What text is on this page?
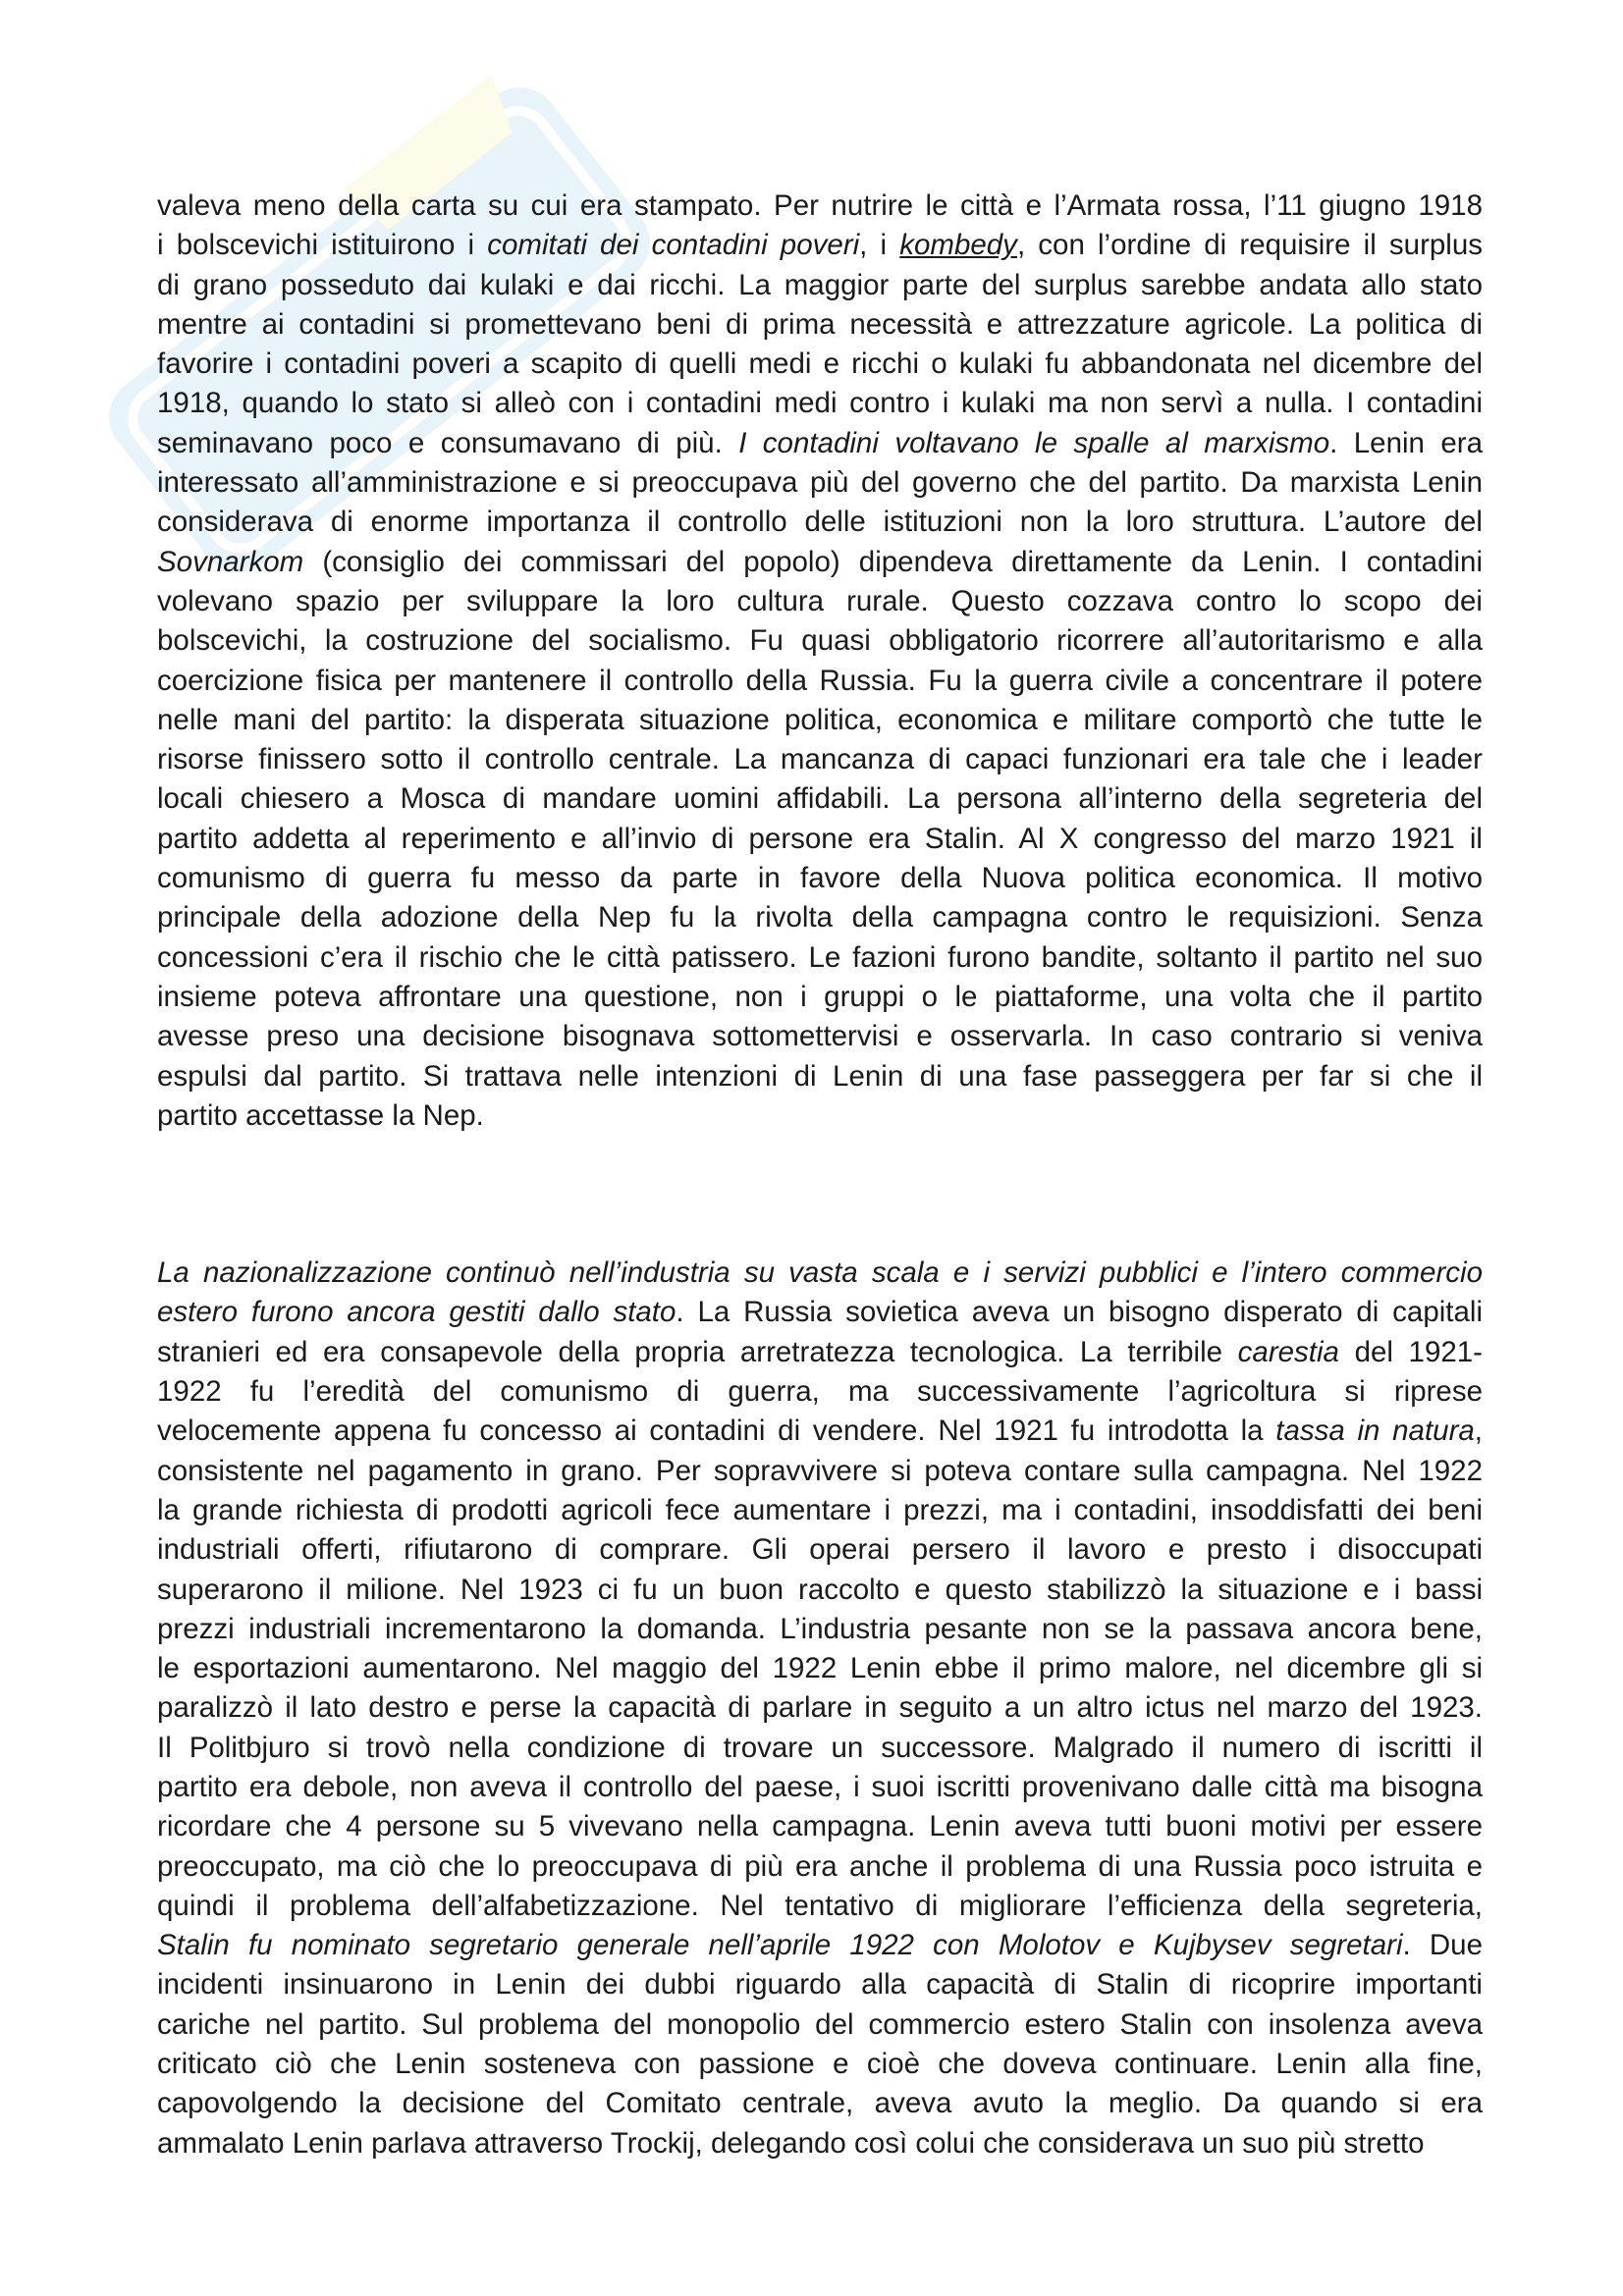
valeva meno della carta su cui era stampato. Per nutrire le città e l’Armata rossa, l’11 giugno 1918
i bolscevichi istituirono i comitati dei contadini poveri, i kombedy, con l’ordine di requisire il surplus
di grano posseduto dai kulaki e dai ricchi. La maggior parte del surplus sarebbe andata allo stato
mentre ai contadini si promettevano beni di prima necessità e attrezzature agricole. La politica di
favorire i contadini poveri a scapito di quelli medi e ricchi o kulaki fu abbandonata nel dicembre del
1918, quando lo stato si alleò con i contadini medi contro i kulaki ma non servì a nulla. I contadini
seminavano poco e consumavano di più. I contadini voltavano le spalle al marxismo. Lenin era
interessato all’amministrazione e si preoccupava più del governo che del partito. Da marxista Lenin
considerava di enorme importanza il controllo delle istituzioni non la loro struttura. L’autore del
Sovnarkom (consiglio dei commissari del popolo) dipendeva direttamente da Lenin. I contadini
volevano spazio per sviluppare la loro cultura rurale. Questo cozzava contro lo scopo dei
bolscevichi, la costruzione del socialismo. Fu quasi obbligatorio ricorrere all’autoritarismo e alla
coercizione fisica per mantenere il controllo della Russia. Fu la guerra civile a concentrare il potere
nelle mani del partito: la disperata situazione politica, economica e militare comportò che tutte le
risorse finissero sotto il controllo centrale. La mancanza di capaci funzionari era tale che i leader
locali chiesero a Mosca di mandare uomini affidabili. La persona all’interno della segreteria del
partito addetta al reperimento e all’invio di persone era Stalin. Al X congresso del marzo 1921 il
comunismo di guerra fu messo da parte in favore della Nuova politica economica. Il motivo
principale della adozione della Nep fu la rivolta della campagna contro le requisizioni. Senza
concessioni c’era il rischio che le città patissero. Le fazioni furono bandite, soltanto il partito nel suo
insieme poteva affrontare una questione, non i gruppi o le piattaforme, una volta che il partito
avesse preso una decisione bisognava sottomettervisi e osservarla. In caso contrario si veniva
espulsi dal partito. Si trattava nelle intenzioni di Lenin di una fase passeggera per far si che il
partito accettasse la Nep.

La nazionalizzazione continuò nell’industria su vasta scala e i servizi pubblici e l’intero commercio
estero furono ancora gestiti dallo stato. La Russia sovietica aveva un bisogno disperato di capitali
stranieri ed era consapevole della propria arretratezza tecnologica. La terribile carestia del 1921-
1922 fu l’eredità del comunismo di guerra, ma successivamente l’agricoltura si riprese
velocemente appena fu concesso ai contadini di vendere. Nel 1921 fu introdotta la tassa in natura,
consistente nel pagamento in grano. Per sopravvivere si poteva contare sulla campagna. Nel 1922
la grande richiesta di prodotti agricoli fece aumentare i prezzi, ma i contadini, insoddisfatti dei beni
industriali offerti, rifiutarono di comprare. Gli operai persero il lavoro e presto i disoccupati
superarono il milione. Nel 1923 ci fu un buon raccolto e questo stabilizzò la situazione e i bassi
prezzi industriali incrementarono la domanda. L’industria pesante non se la passava ancora bene,
le esportazioni aumentarono. Nel maggio del 1922 Lenin ebbe il primo malore, nel dicembre gli si
paralizzò il lato destro e perse la capacità di parlare in seguito a un altro ictus nel marzo del 1923.
Il Politbjuro si trovò nella condizione di trovare un successore. Malgrado il numero di iscritti il
partito era debole, non aveva il controllo del paese, i suoi iscritti provenivano dalle città ma bisogna
ricordare che 4 persone su 5 vivevano nella campagna. Lenin aveva tutti buoni motivi per essere
preoccupato, ma ciò che lo preoccupava di più era anche il problema di una Russia poco istruita e
quindi il problema dell’alfabetizzazione. Nel tentativo di migliorare l’efficienza della segreteria,
Stalin fu nominato segretario generale nell’aprile 1922 con Molotov e Kujbysev segretari. Due
incidenti insinuarono in Lenin dei dubbi riguardo alla capacità di Stalin di ricoprire importanti
cariche nel partito. Sul problema del monopolio del commercio estero Stalin con insolenza aveva
criticato ciò che Lenin sosteneva con passione e cioè che doveva continuare. Lenin alla fine,
capovolgendo la decisione del Comitato centrale, aveva avuto la meglio. Da quando si era
ammalato Lenin parlava attraverso Trockij, delegando così colui che considerava un suo più stretto
